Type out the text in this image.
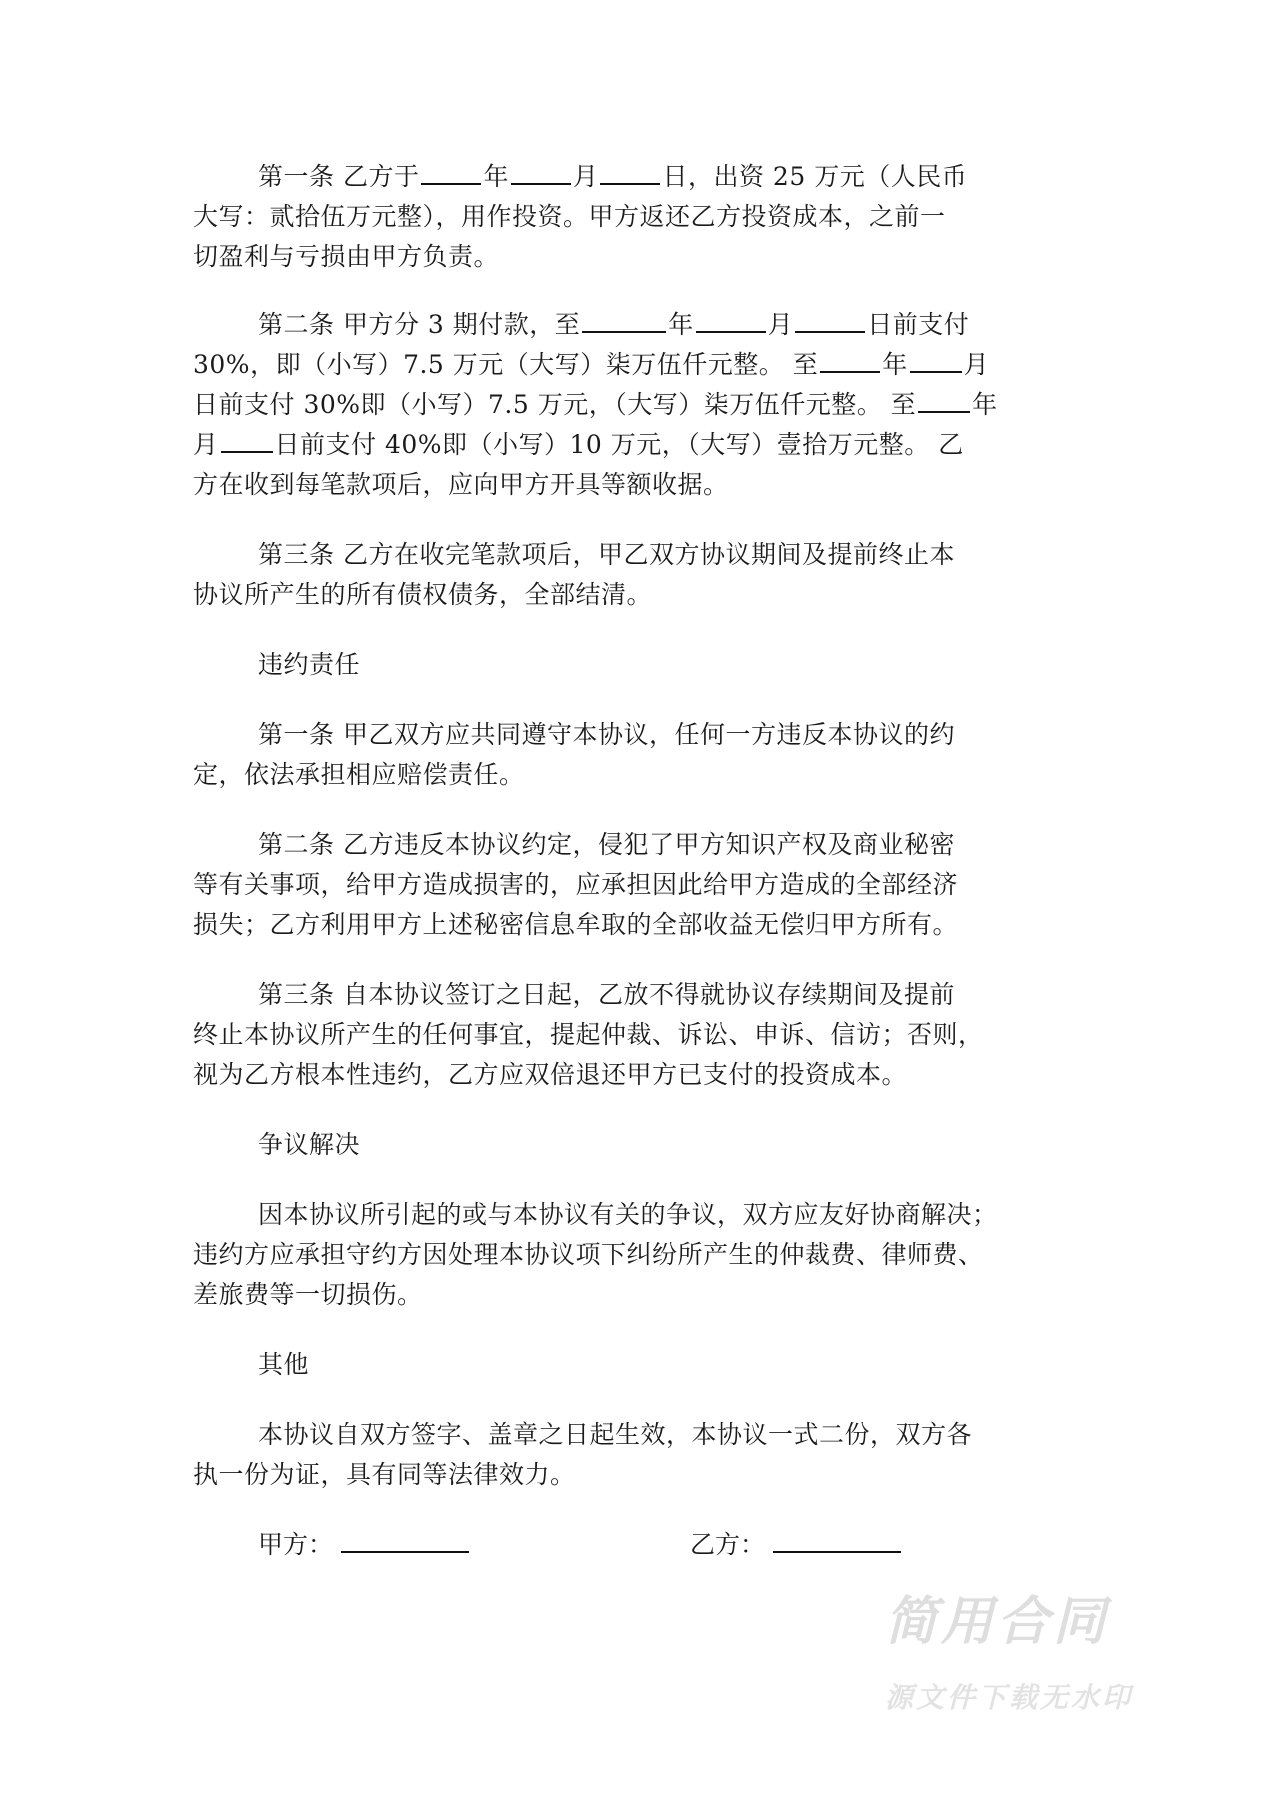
第一条 乙方于	年	月	日，出资 25 万元（人民币
大写：贰拾伍万元整），用作投资。甲方返还乙方投资成本，之前一
切盈利与亏损由甲方负责。
第二条 甲方分 3 期付款，至	年	月	日前支付
30%，即（小写）7.5 万元（大写）柒万伍仟元整。 至	年 月
日前支付 30%即（小写）7.5 万元，（大写）柒万伍仟元整。 至 年
月 日前支付 40%即（小写）10 万元，（大写）壹拾万元整。 乙
方在收到每笔款项后，应向甲方开具等额收据。
第三条 乙方在收完笔款项后，甲乙双方协议期间及提前终止本
协议所产生的所有债权债务，全部结清。
违约责任
第一条 甲乙双方应共同遵守本协议，任何一方违反本协议的约
定，依法承担相应赔偿责任。
第二条 乙方违反本协议约定，侵犯了甲方知识产权及商业秘密
等有关事项，给甲方造成损害的，应承担因此给甲方造成的全部经济
损失；乙方利用甲方上述秘密信息牟取的全部收益无偿归甲方所有。
第三条 自本协议签订之日起，乙放不得就协议存续期间及提前
终止本协议所产生的任何事宜，提起仲裁、诉讼、申诉、信访；否则，
视为乙方根本性违约，乙方应双倍退还甲方已支付的投资成本。
争议解决
因本协议所引起的或与本协议有关的争议，双方应友好协商解决；
违约方应承担守约方因处理本协议项下纠纷所产生的仲裁费、律师费、
差旅费等一切损伤。
其他
本协议自双方签字、盖章之日起生效，本协议一式二份，双方各
执一份为证，具有同等法律效力。
甲方：	乙方：
简用合同
源文件下载无水印
